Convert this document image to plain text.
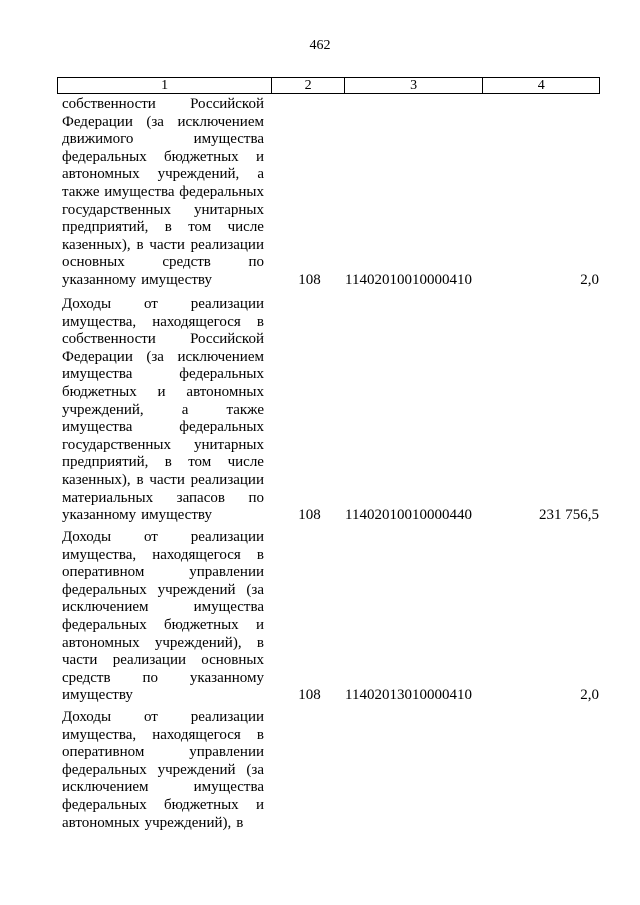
462
1	2	3	4
собственности Российской
Федерации (за исключением
движимого	имущества
федеральных бюджетных и
автономных учреждений, а
также имущества федеральных
государственных унитарных
предприятий, в том числе
казенных), в части реализации
основных	средств	по
указанному имуществу	108	11402010010000410	2,0
Доходы от реализации
имущества, находящегося в
собственности Российской
Федерации (за исключением
имущества	федеральных
бюджетных и автономных
учреждений,	а	также
имущества	федеральных
государственных унитарных
предприятий, в том числе
казенных), в части реализации
материальных запасов по
указанному имуществу	108	11402010010000440	231 756,5
Доходы от реализации
имущества, находящегося в
оперативном	управлении
федеральных учреждений (за
исключением	имущества
федеральных бюджетных и
автономных учреждений), в
части реализации основных
средств по указанному
имуществу	108	11402013010000410	2,0
Доходы от реализации
имущества, находящегося в
оперативном	управлении
федеральных учреждений (за
исключением	имущества
федеральных бюджетных и
автономных учреждений), в
